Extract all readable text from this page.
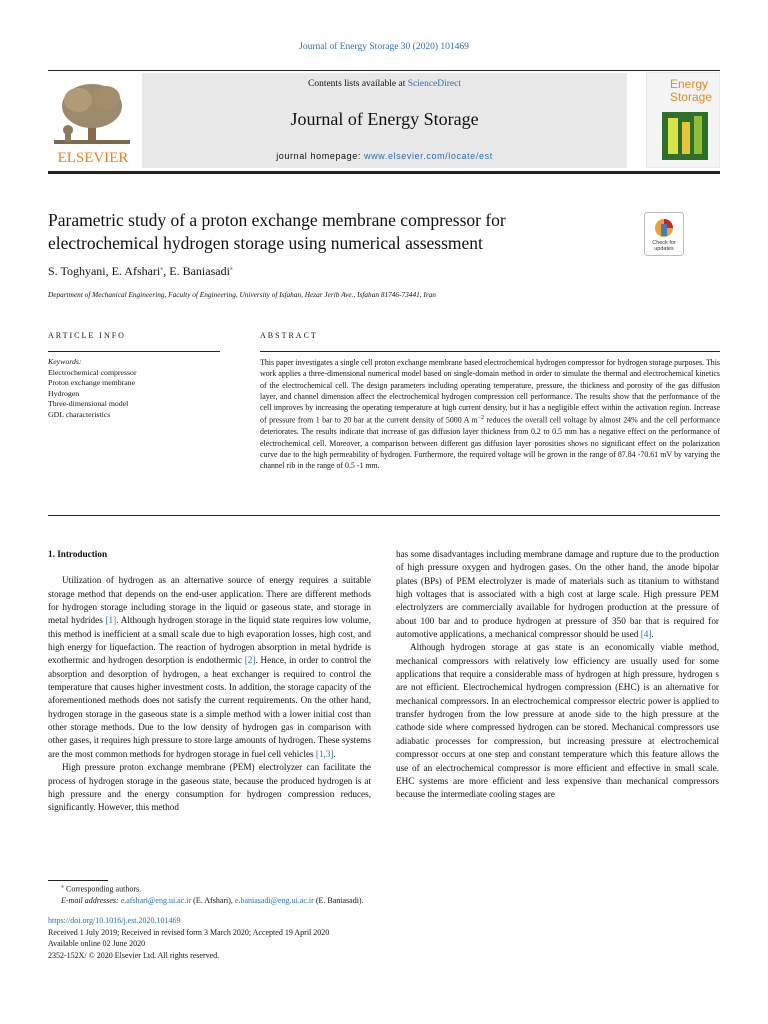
Journal of Energy Storage 30 (2020) 101469
ELSEVIER
Contents lists available at ScienceDirect
Journal of Energy Storage
journal homepage: www.elsevier.com/locate/est
Energy
Storage
Parametric study of a proton exchange membrane compressor for electrochemical hydrogen storage using numerical assessment	Check for updates
S. Toghyani, E. Afshari⁎, E. Baniasadi⁎
Department of Mechanical Engineering, Faculty of Engineering, University of Isfahan, Hezar Jerib Ave., Isfahan 81746-73441, Iran
ARTICLE INFO	ABSTRACT
Keywords:
Electrochemical compressor
Proton exchange membrane
Hydrogen
Three-dimensional model
GDL characteristics
This paper investigates a single cell proton exchange membrane based electrochemical hydrogen compressor for hydrogen storage purposes. This work applies a three-dimensional numerical model based on single-domain method in order to simulate the thermal and electrochemical kinetics of the electrochemical cell. The design parameters including operating temperature, pressure, the thickness and porosity of the gas diffusion layer, and channel dimension affect the electrochemical hydrogen compression cell performance. The results show that the performance of the cell improves by increasing the operating temperature at high current density, but it has a negligible effect within the activation region. Increase of pressure from 1 bar to 20 bar at the current density of 5000 A $m^{-2}$ reduces the overall cell voltage by almost 24% and the cell performance deteriorates. The results indicate that increase of gas diffusion layer thickness from 0.2 to 0.5 mm has a negative effect on the performance of electrochemical cell. Moreover, a comparison between different gas diffusion layer porosities shows no significant effect on the polarization curve due to the high permeability of hydrogen. Furthermore, the required voltage will be grown in the range of 87.84 -70.61 mV by varying the channel rib in the range of 0.5 -1 mm.
1. Introduction

Utilization of hydrogen as an alternative source of energy requires a suitable storage method that depends on the end-user application. There are different methods for hydrogen storage including storage in the liquid or gaseous state, and storage in metal hydrides [1]. Although hydrogen storage in the liquid state requires low volume, this method is inefficient at a small scale due to high evaporation losses, high cost, and high energy for liquefaction. The reaction of hydrogen absorption in metal hydride is exothermic and hydrogen desorption is endothermic [2]. Hence, in order to control the absorption and desorption of hydrogen, a heat exchanger is required to control the temperature that causes higher investment costs. In addition, the storage capacity of the aforementioned methods does not satisfy the current requirements. On the other hand, hydrogen storage in the gaseous state is a simple method with a lower initial cost than other storage methods. Due to the low density of hydrogen gas in comparison with other gases, it requires high pressure to store large amounts of hydrogen. These systems are the most common methods for hydrogen storage in fuel cell vehicles [1,3].

High pressure proton exchange membrane (PEM) electrolyzer can facilitate the process of hydrogen storage in the gaseous state, because the produced hydrogen is at high pressure and the energy consumption for hydrogen compression reduces, significantly. However, this method

has some disadvantages including membrane damage and rupture due to the production of high pressure oxygen and hydrogen gases. On the other hand, the anode bipolar plates (BPs) of PEM electrolyzer is made of materials such as titanium to withstand high voltages that is associated with a high cost at large scale. High pressure PEM electrolyzers are commercially available for hydrogen production at the pressure of about 100 bar and to produce hydrogen at pressure of 350 bar that is required for automotive applications, a mechanical compressor should be used [4].

Although hydrogen storage at gas state is an economically viable method, mechanical compressors with relatively low efficiency are usually used for some applications that require a considerable mass of hydrogen at high pressure, hydrogen s are not efficient. Electrochemical hydrogen compression (EHC) is an alternative for mechanical compressors. In an electrochemical compressor electric power is applied to transfer hydrogen from the low pressure at anode side to the high pressure at the cathode side where compressed hydrogen can be stored. Mechanical compressors use adiabatic processes for compression, but increasing pressure at electrochemical compressor occurs at one step and constant temperature which this feature allows the use of an electrochemical compressor is more efficient and effective in small scale. EHC systems are more efficient and less expensive than mechanical compressors because the intermediate cooling stages are

⁎ Corresponding authors.
E-mail addresses: e.afshari@eng.ui.ac.ir (E. Afshari), e.baniasadi@eng.ui.ac.ir (E. Baniasadi).
https://doi.org/10.1016/j.est.2020.101469
Received 1 July 2019; Received in revised form 3 March 2020; Accepted 19 April 2020
Available online 02 June 2020
2352-152X/ © 2020 Elsevier Ltd. All rights reserved.
